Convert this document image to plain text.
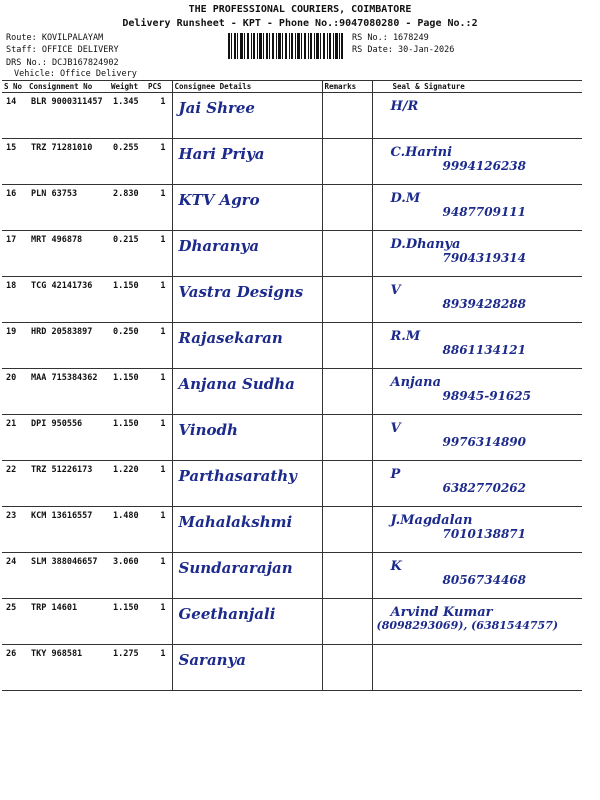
THE PROFESSIONAL COURIERS, COIMBATORE
Delivery Runsheet - KPT - Phone No.:9047080280 - Page No.:2
Route: KOVILPALAYAM
Staff: OFFICE DELIVERY
DRS No.: DCJB167824902
Vehicle: Office Delivery
RS No.: 1678249
RS Date: 30-Jan-2026
S No	Consignment No	Weight	PCS	Consignee Details	Remarks	Seal & Signature
14	BLR 9000311457	1.345	1	Jai Shree		H/R

15	TRZ 71281010	0.255	1	Hari Priya		C.Harini
9994126238

16	PLN 63753	2.830	1	KTV Agro		D.M
9487709111

17	MRT 496878	0.215	1	Dharanya		D.Dhanya
7904319314

18	TCG 42141736	1.150	1	Vastra Designs		V
8939428288

19	HRD 20583897	0.250	1	Rajasekaran		R.M
8861134121

20	MAA 715384362	1.150	1	Anjana Sudha		Anjana
98945-91625

21	DPI 950556	1.150	1	Vinodh		V
9976314890

22	TRZ 51226173	1.220	1	Parthasarathy		P
6382770262

23	KCM 13616557	1.480	1	Mahalakshmi		J.Magdalan
7010138871

24	SLM 388046657	3.060	1	Sundararajan		K
8056734468

25	TRP 14601	1.150	1	Geethanjali		Arvind Kumar
(8098293069), (6381544757)

26	TKY 968581	1.275	1	Saranya		
